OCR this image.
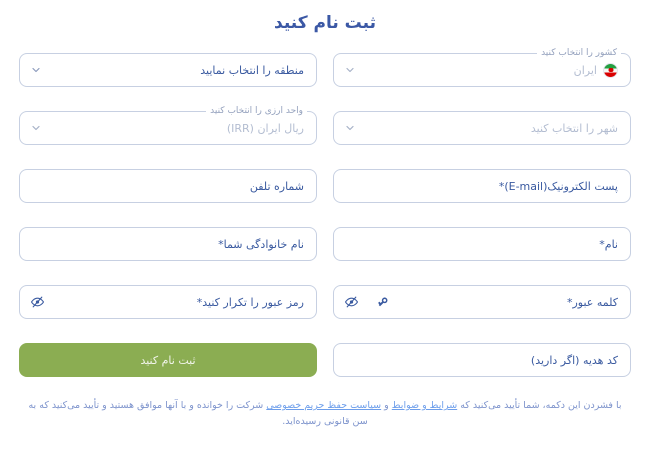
ثبت نام کنید
کشور را انتخاب کنید
ایران
منطقه را انتخاب نمایید
شهر را انتخاب کنید
واحد ارزی را انتخاب کنید
ریال ایران (IRR)
پست الکترونیک(E-mail)*
شماره تلفن
نام*
نام خانوادگی شما*
کد هدیه (اگر دارید)
ثبت نام کنید

با فشردن این دکمه، شما تأیید می‌کنید که شرایط و ضوابط و سیاست حفظ حریم خصوصی شرکت را خوانده و با آنها موافق هستید و تأیید می‌کنید که به سن قانونی رسیده‌اید.
